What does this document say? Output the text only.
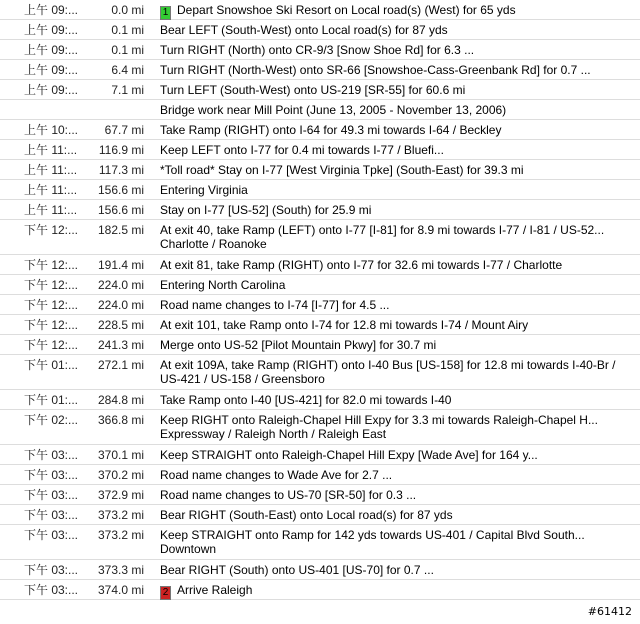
上午 09:...	0.0 mi 1 Depart Snowshoe Ski Resort on Local road(s) (West) for 65 yds
上午 09:...	0.1 mi Bear LEFT (South-West) onto Local road(s) for 87 yds
上午 09:...	0.1 mi Turn RIGHT (North) onto CR-9/3 [Snow Shoe Rd] for 6.3 ...
上午 09:...	6.4 mi Turn RIGHT (North-West) onto SR-66 [Snowshoe-Cass-Greenbank Rd] for 0.7 ...
上午 09:...	7.1 mi Turn LEFT (South-West) onto US-219 [SR-55] for 60.6 mi
Bridge work near Mill Point (June 13, 2005 - November 13, 2006)
上午 10:...	67.7 mi Take Ramp (RIGHT) onto I-64 for 49.3 mi towards I-64 / Beckley
上午 11:...	116.9 mi Keep LEFT onto I-77 for 0.4 mi towards I-77 / Bluefi...
上午 11:...	117.3 mi *Toll road* Stay on I-77 [West Virginia Tpke] (South-East) for 39.3 mi
上午 11:...	156.6 mi Entering Virginia
上午 11:...	156.6 mi Stay on I-77 [US-52] (South) for 25.9 mi
下午 12:...	182.5 mi At exit 40, take Ramp (LEFT) onto I-77 [I-81] for 8.9 mi towards I-77 / I-81 / US-52... Charlotte / Roanoke
下午 12:...	191.4 mi At exit 81, take Ramp (RIGHT) onto I-77 for 32.6 mi towards I-77 / Charlotte
下午 12:...	224.0 mi Entering North Carolina
下午 12:...	224.0 mi Road name changes to I-74 [I-77] for 4.5 ...
下午 12:...	228.5 mi At exit 101, take Ramp onto I-74 for 12.8 mi towards I-74 / Mount Airy
下午 12:...	241.3 mi Merge onto US-52 [Pilot Mountain Pkwy] for 30.7 mi
下午 01:...	272.1 mi At exit 109A, take Ramp (RIGHT) onto I-40 Bus [US-158] for 12.8 mi towards I-40-Br / US-421 / US-158 / Greensboro
下午 01:...	284.8 mi Take Ramp onto I-40 [US-421] for 82.0 mi towards I-40
下午 02:...	366.8 mi Keep RIGHT onto Raleigh-Chapel Hill Expy for 3.3 mi towards Raleigh-Chapel H... Expressway / Raleigh North / Raleigh East
下午 03:...	370.1 mi Keep STRAIGHT onto Raleigh-Chapel Hill Expy [Wade Ave] for 164 y...
下午 03:...	370.2 mi Road name changes to Wade Ave for 2.7 ...
下午 03:...	372.9 mi Road name changes to US-70 [SR-50] for 0.3 ...
下午 03:...	373.2 mi Bear RIGHT (South-East) onto Local road(s) for 87 yds
下午 03:...	373.2 mi Keep STRAIGHT onto Ramp for 142 yds towards US-401 / Capital Blvd South... Downtown
下午 03:...	373.3 mi Bear RIGHT (South) onto US-401 [US-70] for 0.7 ...
下午 03:...	374.0 mi 2 Arrive Raleigh
#61412
